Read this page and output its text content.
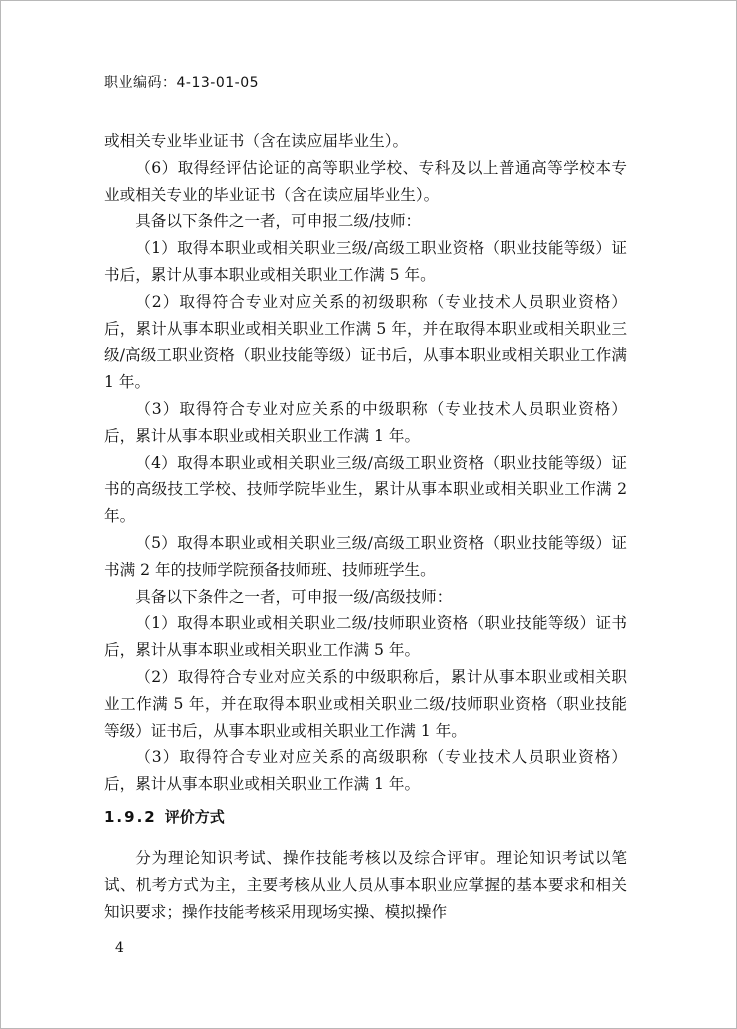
职业编码：4-13-01-05

或相关专业毕业证书（含在读应届毕业生）。

（6）取得经评估论证的高等职业学校、专科及以上普通高等学校本专业或相关专业的毕业证书（含在读应届毕业生）。

具备以下条件之一者，可申报二级/技师：

（1）取得本职业或相关职业三级/高级工职业资格（职业技能等级）证书后，累计从事本职业或相关职业工作满 5 年。

（2）取得符合专业对应关系的初级职称（专业技术人员职业资格）后，累计从事本职业或相关职业工作满 5 年，并在取得本职业或相关职业三级/高级工职业资格（职业技能等级）证书后，从事本职业或相关职业工作满 1 年。

（3）取得符合专业对应关系的中级职称（专业技术人员职业资格）后，累计从事本职业或相关职业工作满 1 年。

（4）取得本职业或相关职业三级/高级工职业资格（职业技能等级）证书的高级技工学校、技师学院毕业生，累计从事本职业或相关职业工作满 2 年。

（5）取得本职业或相关职业三级/高级工职业资格（职业技能等级）证书满 2 年的技师学院预备技师班、技师班学生。

具备以下条件之一者，可申报一级/高级技师：

（1）取得本职业或相关职业二级/技师职业资格（职业技能等级）证书后，累计从事本职业或相关职业工作满 5 年。

（2）取得符合专业对应关系的中级职称后，累计从事本职业或相关职业工作满 5 年，并在取得本职业或相关职业二级/技师职业资格（职业技能等级）证书后，从事本职业或相关职业工作满 1 年。

（3）取得符合专业对应关系的高级职称（专业技术人员职业资格）后，累计从事本职业或相关职业工作满 1 年。

1.9.2 评价方式

分为理论知识考试、操作技能考核以及综合评审。理论知识考试以笔试、机考方式为主，主要考核从业人员从事本职业应掌握的基本要求和相关知识要求；操作技能考核采用现场实操、模拟操作

4
